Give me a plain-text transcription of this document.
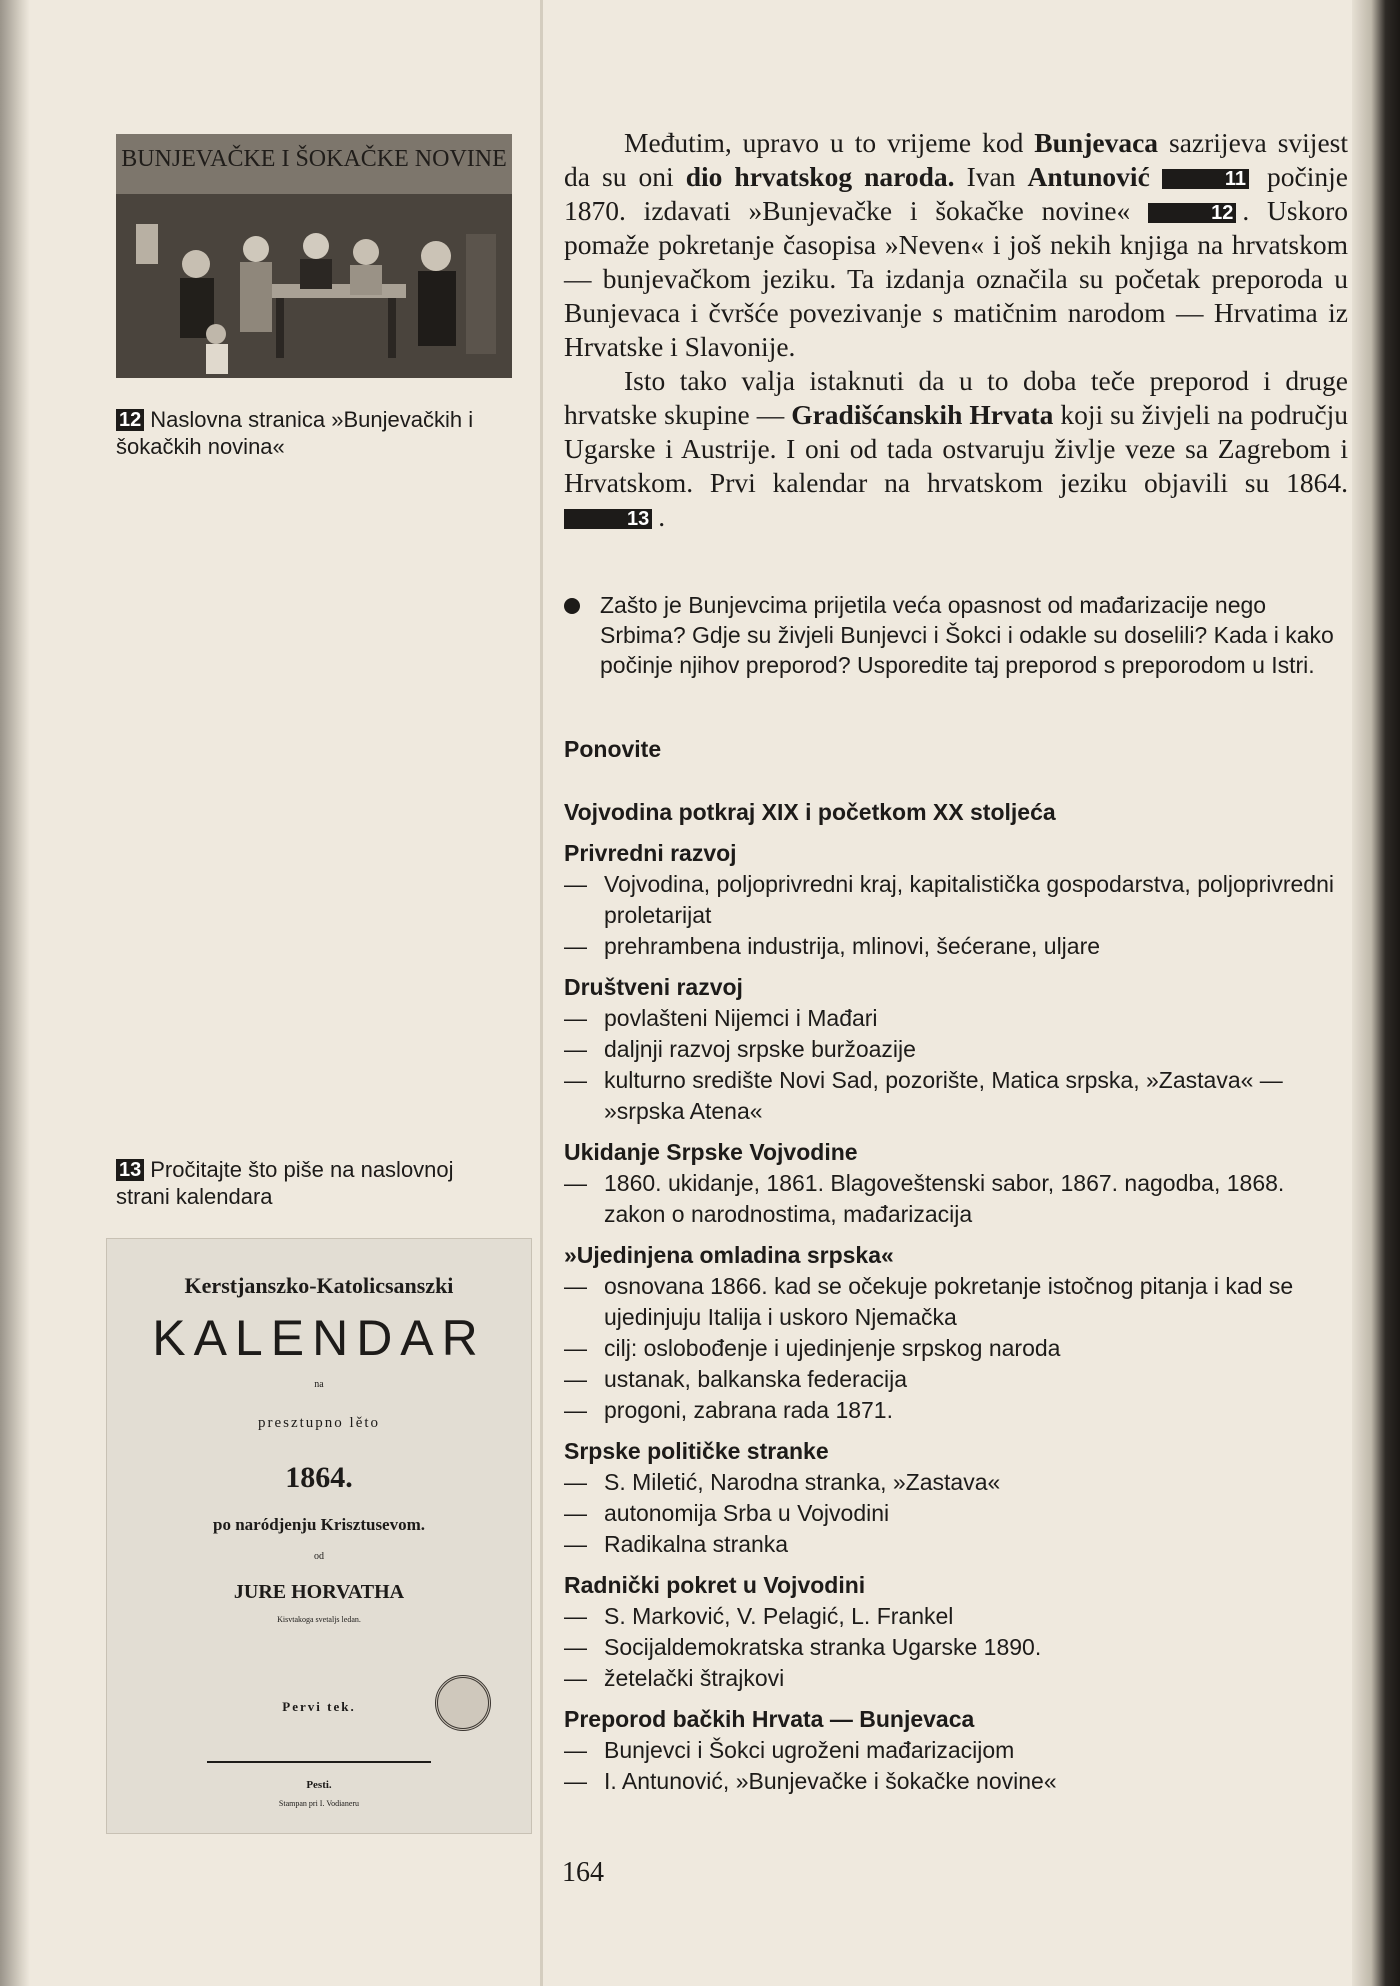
BUNJEVAČKE I ŠOKAČKE NOVINE
12 Naslovna stranica »Bunjevačkih i šokačkih novina«
13 Pročitajte što piše na naslovnoj strani kalendara
Kerstjanszko-Katolicsanszki
KALENDAR
na
presztupno lěto
1864.
po naródjenju Krisztusevom.
od
JURE HORVATHA
Kisvtakoga svetaljs ledan.
Pervi tek.
Pesti.
Stampan pri I. Vodianeru

Međutim, upravo u to vrijeme kod Bunjevaca sazrijeva svijest da su oni dio hrvatskog naroda. Ivan Antunović	11 počinje 1870. izdavati »Bunjevačke i šokačke novine«	12 . Uskoro pomaže pokretanje časopisa »Neven« i još nekih knjiga na hrvatskom — bunjevačkom jeziku. Ta izdanja označila su početak preporoda u Bunjevaca i čvršće povezivanje s matičnim narodom — Hrvatima iz Hrvatske i Slavonije.

Isto tako valja istaknuti da u to doba teče preporod i druge hrvatske skupine — Gradišćanskih Hrvata koji su živjeli na području Ugarske i Austrije. I oni od tada ostvaruju življe veze sa Zagrebom i Hrvatskom. Prvi kalendar na hrvatskom jeziku objavili su 1864. 13 .

Zašto je Bunjevcima prijetila veća opasnost od mađarizacije nego Srbima? Gdje su živjeli Bunjevci i Šokci i odakle su doselili? Kada i kako počinje njihov preporod? Usporedite taj preporod s preporodom u Istri.
Ponovite
Vojvodina potkraj XIX i početkom XX stoljeća
Privredni razvoj
— Vojvodina, poljoprivredni kraj, kapitalistička gospodarstva, poljoprivredni proletarijat
— prehrambena industrija, mlinovi, šećerane, uljare
Društveni razvoj
— povlašteni Nijemci i Mađari
— daljnji razvoj srpske buržoazije
— kulturno središte Novi Sad, pozorište, Matica srpska, »Zastava« — »srpska Atena«
Ukidanje Srpske Vojvodine
— 1860. ukidanje, 1861. Blagoveštenski sabor, 1867. nagodba, 1868. zakon o narodnostima, mađarizacija
»Ujedinjena omladina srpska«
— osnovana 1866. kad se očekuje pokretanje istočnog pitanja i kad se ujedinjuju Italija i uskoro Njemačka
— cilj: oslobođenje i ujedinjenje srpskog naroda
— ustanak, balkanska federacija
— progoni, zabrana rada 1871.
Srpske političke stranke
— S. Miletić, Narodna stranka, »Zastava«
— autonomija Srba u Vojvodini
— Radikalna stranka
Radnički pokret u Vojvodini
— S. Marković, V. Pelagić, L. Frankel
— Socijaldemokratska stranka Ugarske 1890.
— žetelački štrajkovi
Preporod bačkih Hrvata — Bunjevaca
— Bunjevci i Šokci ugroženi mađarizacijom
— I. Antunović, »Bunjevačke i šokačke novine«
164
